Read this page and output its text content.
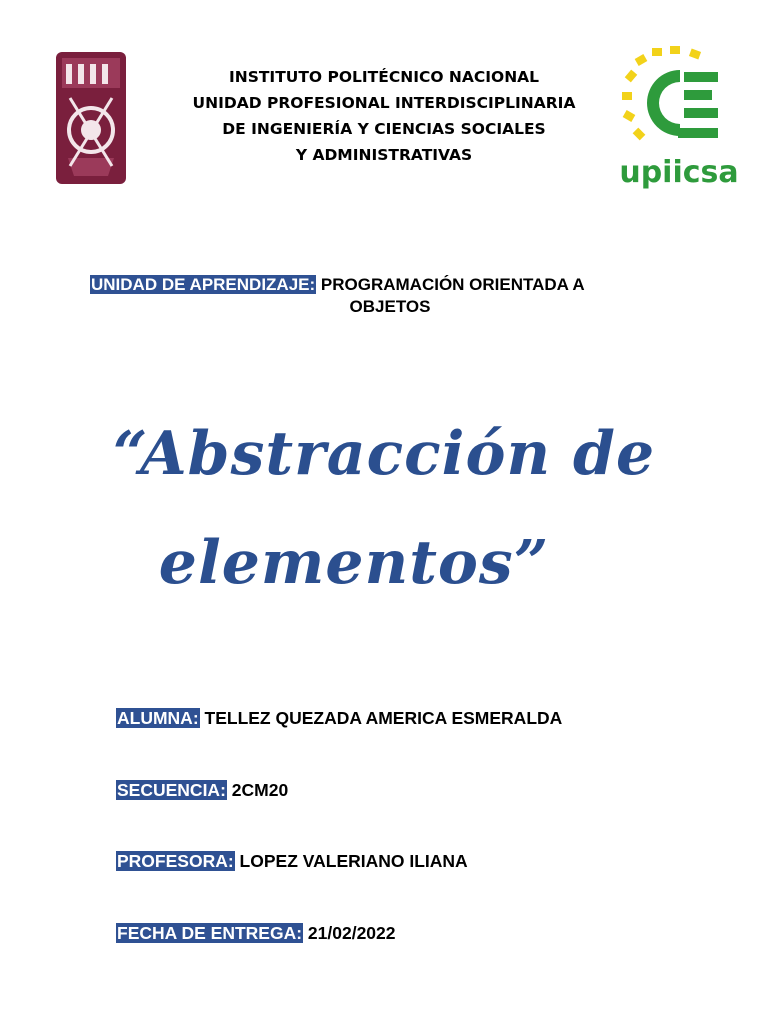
INSTITUTO POLITÉCNICO NACIONAL
UNIDAD PROFESIONAL INTERDISCIPLINARIA
DE INGENIERÍA Y CIENCIAS SOCIALES
Y ADMINISTRATIVAS	upiicsa
UNIDAD DE APRENDIZAJE: PROGRAMACIÓN ORIENTADA A
OBJETOS
“Abstracción de
elementos”
ALUMNA: TELLEZ QUEZADA AMERICA ESMERALDA
SECUENCIA: 2CM20
PROFESORA: LOPEZ VALERIANO ILIANA
FECHA DE ENTREGA: 21/02/2022
